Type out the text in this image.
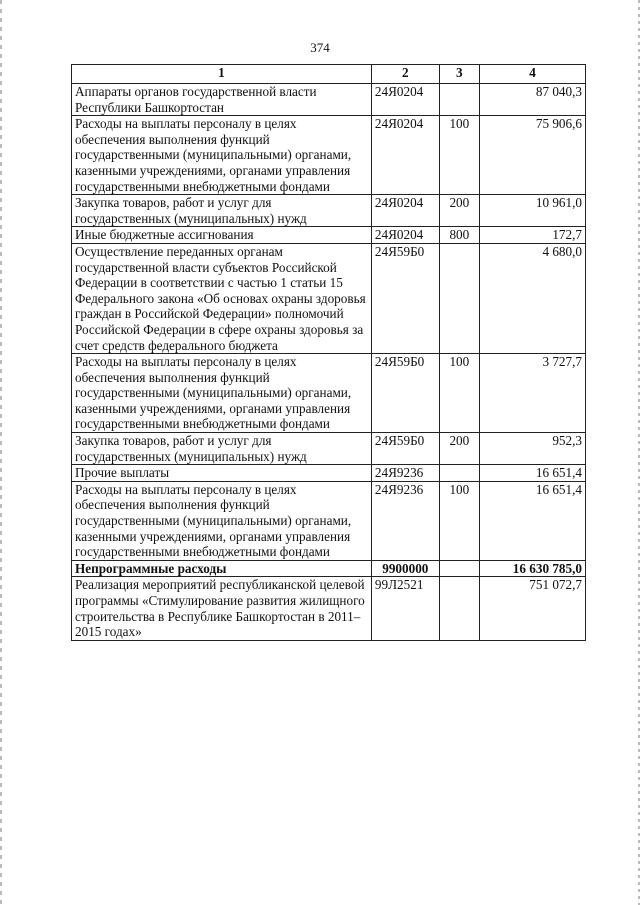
374
1	2	3	4
Аппараты органов государственной власти Республики Башкортостан	24Я0204		87 040,3
Расходы на выплаты персоналу в целях обеспечения выполнения функций государственными (муниципальными) органами, казенными учреждениями, органами управления государственными внебюджетными фондами	24Я0204	100	75 906,6
Закупка товаров, работ и услуг для государственных (муниципальных) нужд	24Я0204	200	10 961,0
Иные бюджетные ассигнования	24Я0204	800	172,7
Осуществление переданных органам государственной власти субъектов Российской Федерации в соответствии с частью 1 статьи 15 Федерального закона «Об основах охраны здоровья граждан в Российской Федерации» полномочий Российской Федерации в сфере охраны здоровья за счет средств федерального бюджета	24Я59Б0		4 680,0
Расходы на выплаты персоналу в целях обеспечения выполнения функций государственными (муниципальными) органами, казенными учреждениями, органами управления государственными внебюджетными фондами	24Я59Б0	100	3 727,7
Закупка товаров, работ и услуг для государственных (муниципальных) нужд	24Я59Б0	200	952,3
Прочие выплаты	24Я9236		16 651,4
Расходы на выплаты персоналу в целях обеспечения выполнения функций государственными (муниципальными) органами, казенными учреждениями, органами управления государственными внебюджетными фондами	24Я9236	100	16 651,4
Непрограммные расходы	9900000		16 630 785,0
Реализация мероприятий республиканской целевой программы «Стимулирование развития жилищного строительства в Республике Башкортостан в 2011–2015 годах»	99Л2521		751 072,7
